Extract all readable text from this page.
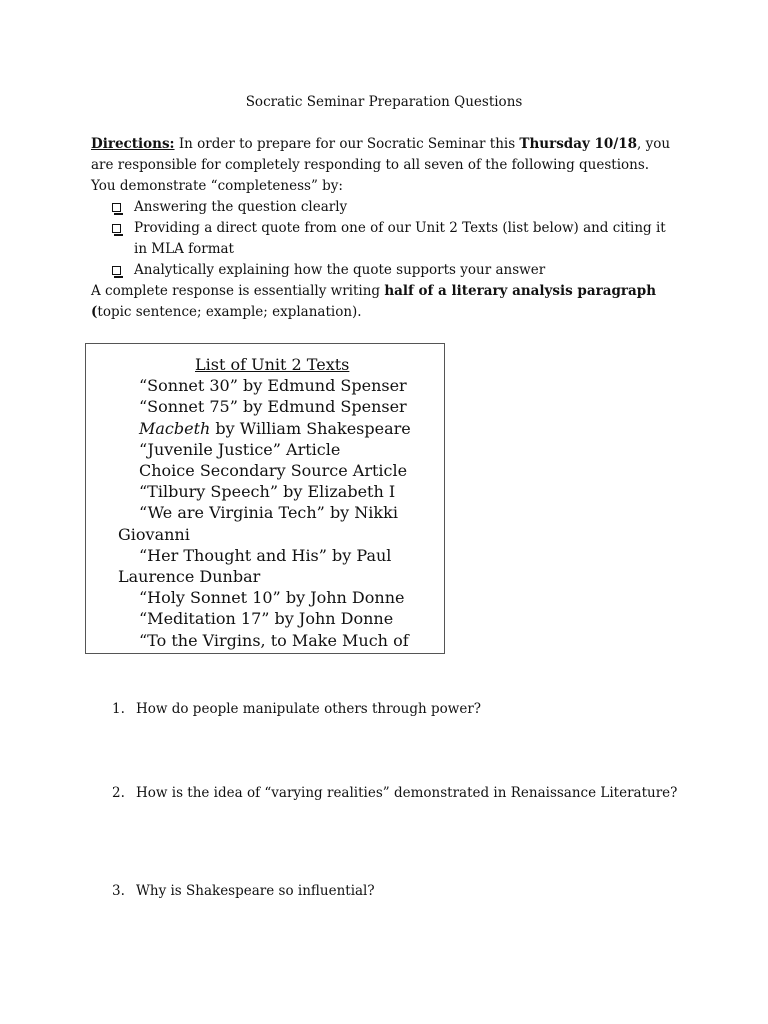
Socratic Seminar Preparation Questions
Directions: In order to prepare for our Socratic Seminar this Thursday 10/18, you are responsible for completely responding to all seven of the following questions. You demonstrate “completeness” by:
Answering the question clearly
Providing a direct quote from one of our Unit 2 Texts (list below) and citing it in MLA format
Analytically explaining how the quote supports your answer
A complete response is essentially writing half of a literary analysis paragraph (topic sentence; example; explanation).
List of Unit 2 Texts
“Sonnet 30” by Edmund Spenser
“Sonnet 75” by Edmund Spenser
Macbeth by William Shakespeare
“Juvenile Justice” Article
Choice Secondary Source Article
“Tilbury Speech” by Elizabeth I
“We are Virginia Tech” by Nikki
Giovanni
“Her Thought and His” by Paul
Laurence Dunbar
“Holy Sonnet 10” by John Donne
“Meditation 17” by John Donne
“To the Virgins, to Make Much of
1. How do people manipulate others through power?
2. How is the idea of “varying realities” demonstrated in Renaissance Literature?
3. Why is Shakespeare so influential?
